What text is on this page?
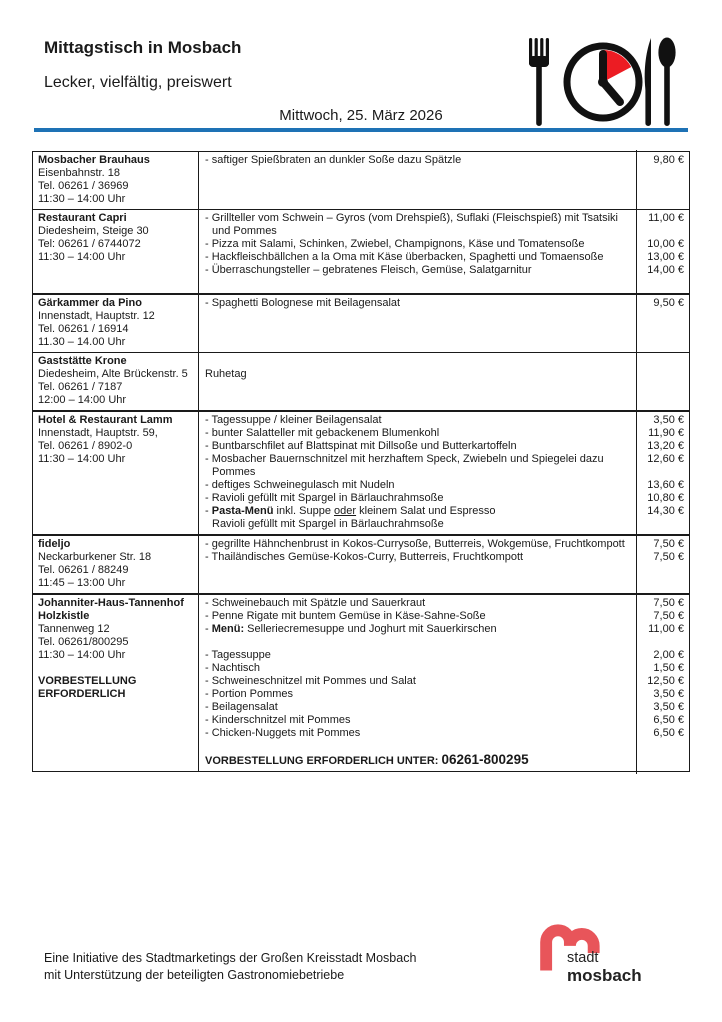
Mittagstisch in Mosbach
Lecker, vielfältig, preiswert
Mittwoch, 25. März 2026
Mosbacher Brauhaus
Eisenbahnstr. 18
Tel. 06261 / 36969
11:30 – 14:00 Uhr
- saftiger Spießbraten an dunkler Soße dazu Spätzle	9,80 €
Restaurant Capri
Diedesheim, Steige 30
Tel: 06261 / 6744072
11:30 – 14:00 Uhr
- Grillteller vom Schwein – Gyros (vom Drehspieß), Suflaki (Fleischspieß) mit Tsatsiki und Pommes
11,00 €
- Pizza mit Salami, Schinken, Zwiebel, Champignons, Käse und Tomatensoße	10,00 €
- Hackfleischbällchen a la Oma mit Käse überbacken, Spaghetti und Tomaensoße	13,00 €
- Überraschungsteller – gebratenes Fleisch, Gemüse, Salatgarnitur	14,00 €
Gärkammer da Pino
Innenstadt, Hauptstr. 12
Tel. 06261 / 16914
11.30 – 14.00 Uhr
- Spaghetti Bolognese mit Beilagensalat	9,50 €
Gaststätte Krone
Diedesheim, Alte Brückenstr. 5
Tel. 06261 / 7187
12:00 – 14:00 Uhr
Ruhetag
Hotel & Restaurant Lamm
Innenstadt, Hauptstr. 59,
Tel. 06261 / 8902-0
11:30 – 14:00 Uhr
- Tagessuppe / kleiner Beilagensalat	3,50 €
- bunter Salatteller mit gebackenem Blumenkohl	11,90 €
- Buntbarschfilet auf Blattspinat mit Dillsoße und Butterkartoffeln	13,20 €
- Mosbacher Bauernschnitzel mit herzhaftem Speck, Zwiebeln und Spiegelei dazu Pommes
12,60 €
- deftiges Schweinegulasch mit Nudeln	13,60 €
- Ravioli gefüllt mit Spargel in Bärlauchrahmsoße	10,80 €
- Pasta-Menü inkl. Suppe oder kleinem Salat und Espresso
Ravioli gefüllt mit Spargel in Bärlauchrahmsoße
14,30 €
fideljo
Neckarburkener Str. 18
Tel. 06261 / 88249
11:45 – 13:00 Uhr
- gegrillte Hähnchenbrust in Kokos-Currysoße, Butterreis, Wokgemüse, Fruchtkompott	7,50 €
- Thailändisches Gemüse-Kokos-Curry, Butterreis, Fruchtkompott	7,50 €
Johanniter-Haus-Tannenhof
Holzkistle
Tannenweg 12
Tel. 06261/800295
11:30 – 14:00 Uhr

VORBESTELLUNG
ERFORDERLICH
- Schweinebauch mit Spätzle und Sauerkraut	7,50 €
- Penne Rigate mit buntem Gemüse in Käse-Sahne-Soße	7,50 €
- Menü: Selleriecremesuppe und Joghurt mit Sauerkirschen	11,00 €
- Tagessuppe	2,00 €
- Nachtisch	1,50 €
- Schweineschnitzel mit Pommes und Salat	12,50 €
- Portion Pommes	3,50 €
- Beilagensalat	3,50 €
- Kinderschnitzel mit Pommes	6,50 €
- Chicken-Nuggets mit Pommes	6,50 €
VORBESTELLUNG ERFORDERLICH UNTER: 06261-800295
Eine Initiative des Stadtmarketings der Großen Kreisstadt Mosbach
mit Unterstützung der beteiligten Gastronomiebetriebe
stadt
mosbach
